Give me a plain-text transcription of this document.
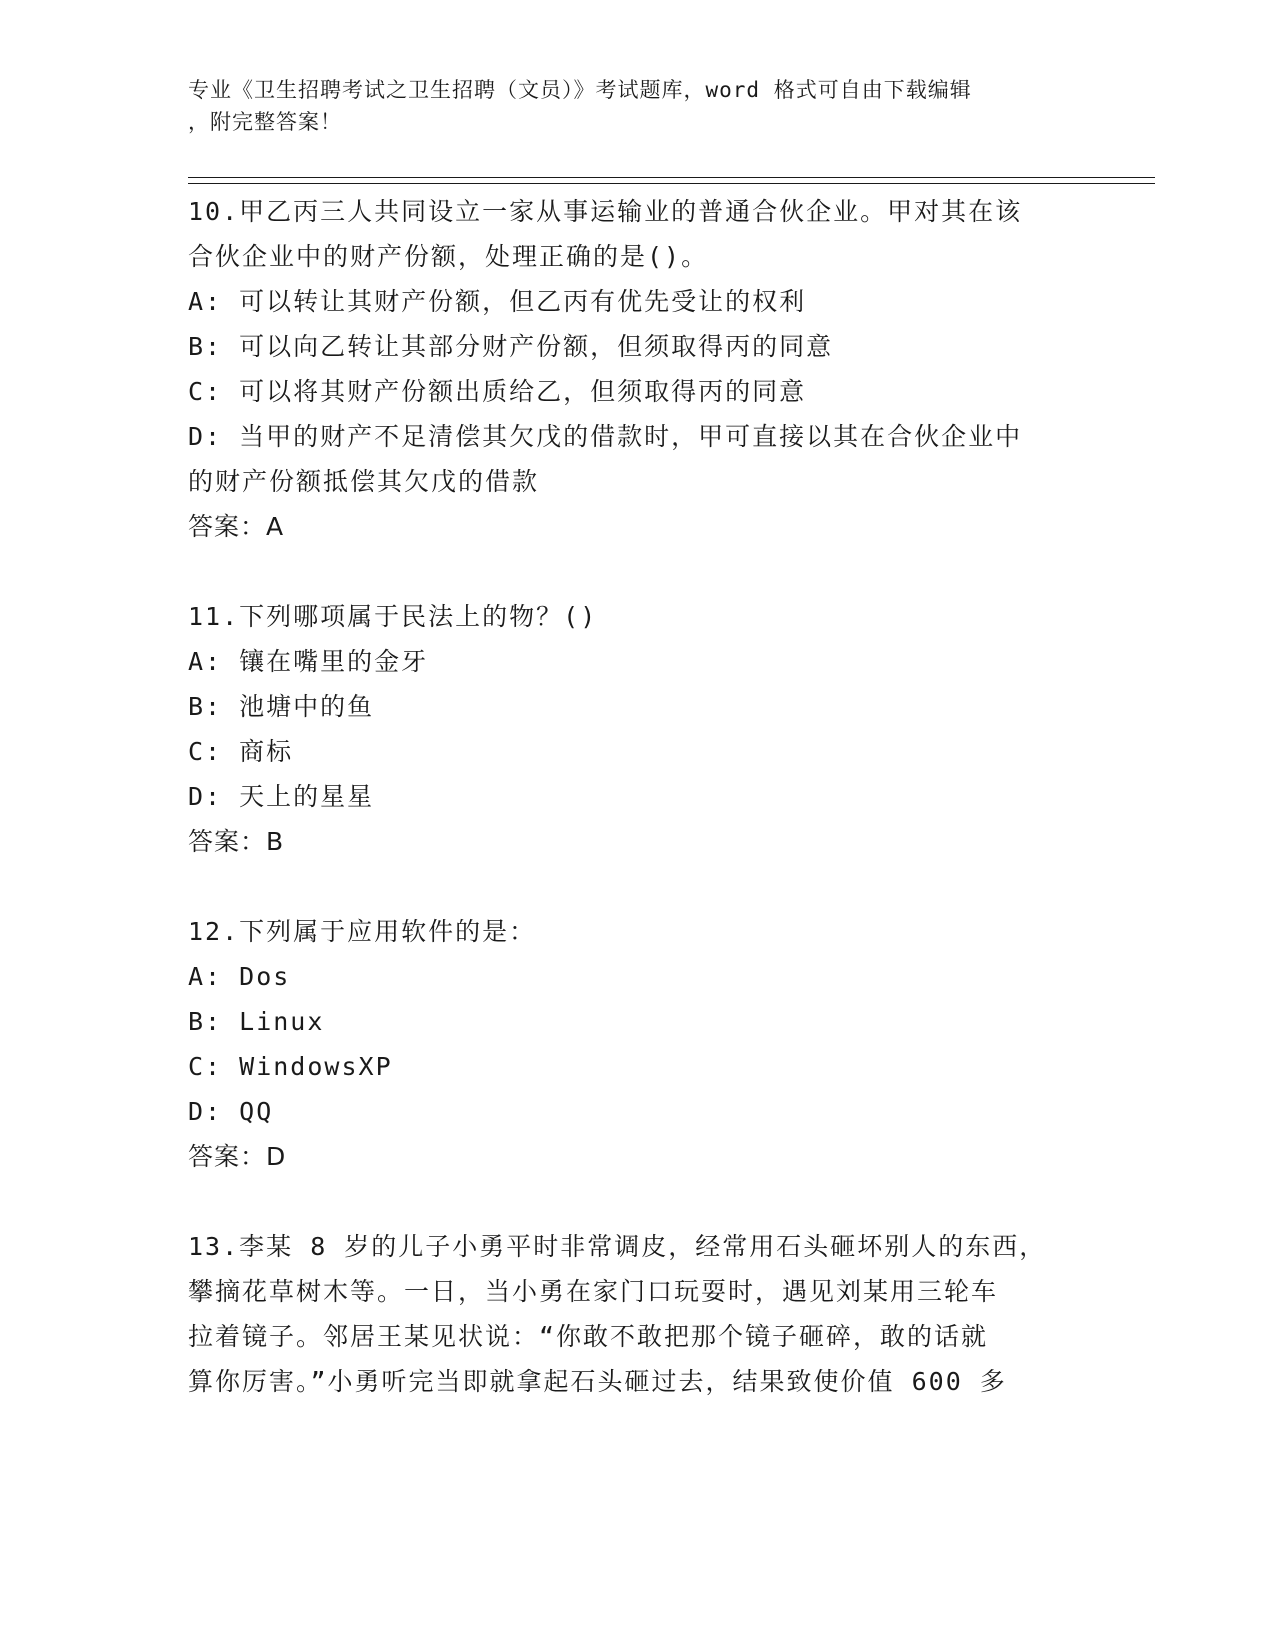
专业《卫生招聘考试之卫生招聘（文员）》考试题库，word 格式可自由下载编辑
，附完整答案！
10.甲乙丙三人共同设立一家从事运输业的普通合伙企业。甲对其在该
合伙企业中的财产份额，处理正确的是()。
A: 可以转让其财产份额，但乙丙有优先受让的权利
B: 可以向乙转让其部分财产份额，但须取得丙的同意
C: 可以将其财产份额出质给乙，但须取得丙的同意
D: 当甲的财产不足清偿其欠戊的借款时，甲可直接以其在合伙企业中
的财产份额抵偿其欠戊的借款
答案：A
11.下列哪项属于民法上的物？()
A: 镶在嘴里的金牙
B: 池塘中的鱼
C: 商标
D: 天上的星星
答案：B
12.下列属于应用软件的是：
A: Dos
B: Linux
C: WindowsXP
D: QQ
答案：D
13.李某 8 岁的儿子小勇平时非常调皮，经常用石头砸坏别人的东西，
攀摘花草树木等。一日，当小勇在家门口玩耍时，遇见刘某用三轮车
拉着镜子。邻居王某见状说：“你敢不敢把那个镜子砸碎，敢的话就
算你厉害。”小勇听完当即就拿起石头砸过去，结果致使价值 600 多
